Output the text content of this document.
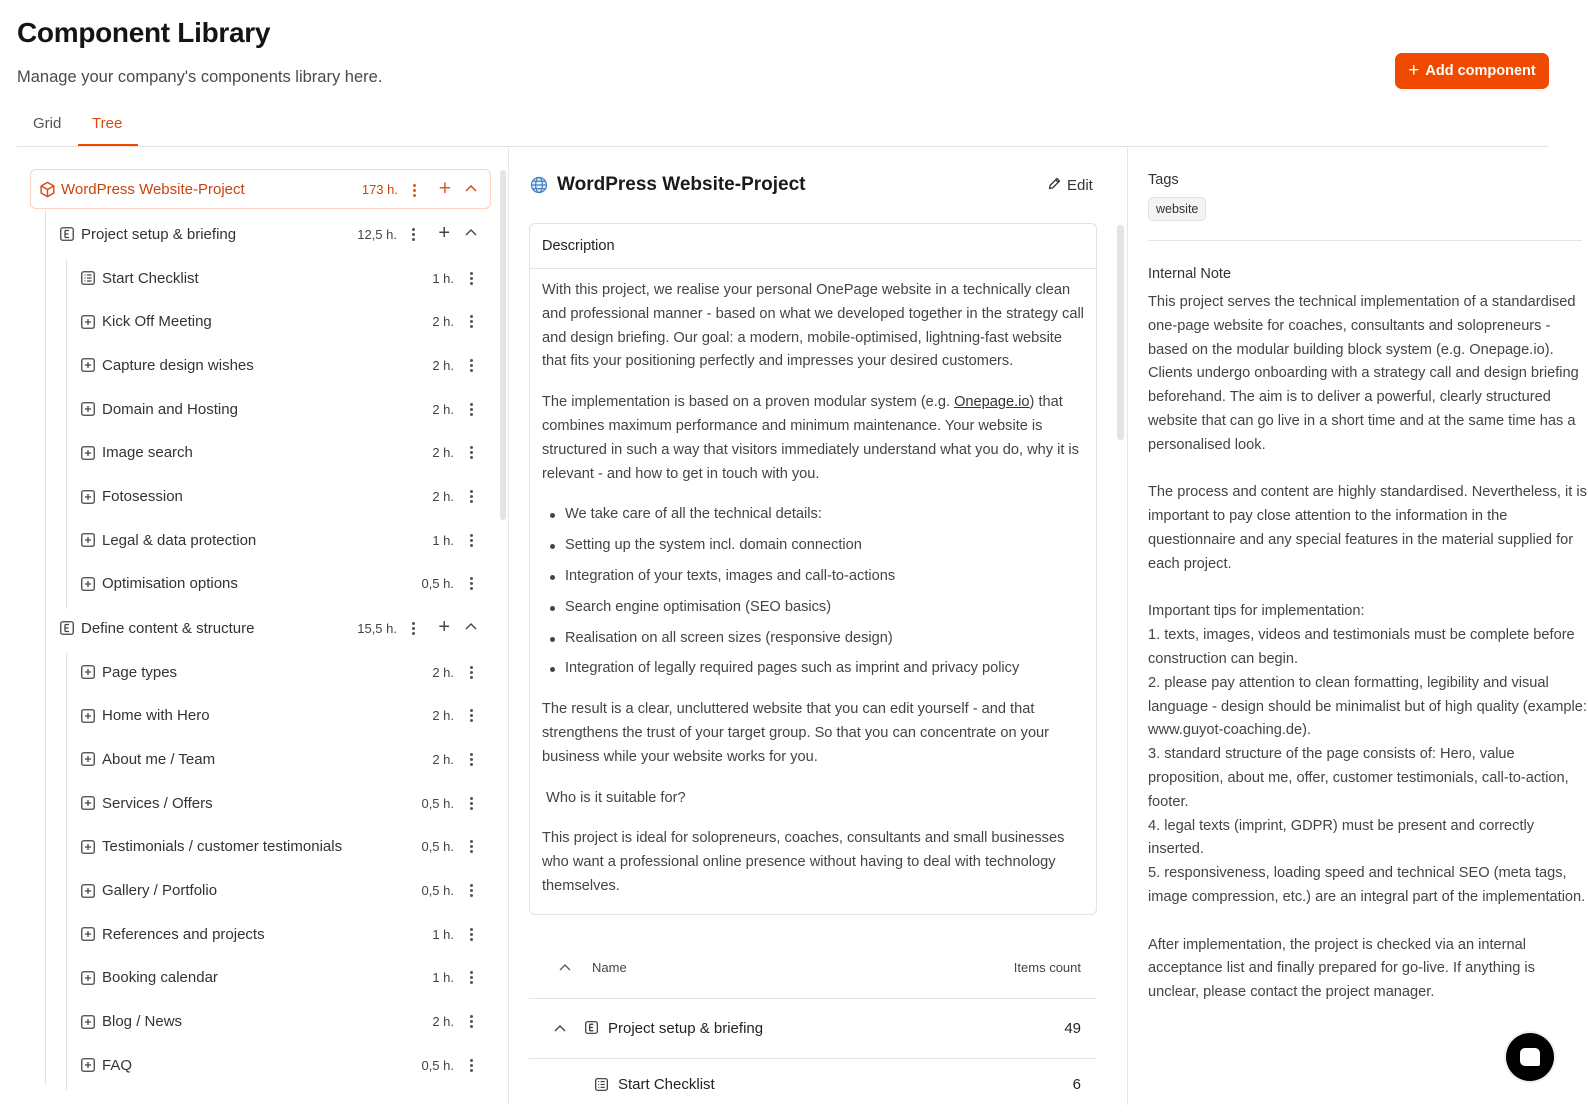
Component Library
Manage your company's components library here.	+ Add component
Grid Tree
WordPress Website-Project	173 h. +
Project setup & briefing	12,5 h. +
Start Checklist	1 h.
Kick Off Meeting	2 h.
Capture design wishes	2 h.
Domain and Hosting	2 h.
Image search	2 h.
Fotosession	2 h.
Legal & data protection	1 h.
Optimisation options	0,5 h.
Define content & structure	15,5 h. +
Page types	2 h.
Home with Hero	2 h.
About me / Team	2 h.
Services / Offers	0,5 h.
Testimonials / customer testimonials	0,5 h.
Gallery / Portfolio	0,5 h.
References and projects	1 h.
Booking calendar	1 h.
Blog / News	2 h.
FAQ	0,5 h.
WordPress Website-Project	Edit
Description

With this project, we realise your personal OnePage website in a technically clean and professional manner - based on what we developed together in the strategy call and design briefing. Our goal: a modern, mobile-optimised, lightning-fast website that fits your positioning perfectly and impresses your desired customers.

The implementation is based on a proven modular system (e.g. Onepage.io) that combines maximum performance and minimum maintenance. Your website is structured in such a way that visitors immediately understand what you do, why it is relevant - and how to get in touch with you.

We take care of all the technical details:
Setting up the system incl. domain connection
Integration of your texts, images and call-to-actions
Search engine optimisation (SEO basics)
Realisation on all screen sizes (responsive design)
Integration of legally required pages such as imprint and privacy policy

The result is a clear, uncluttered website that you can edit yourself - and that strengthens the trust of your target group. So that you can concentrate on your business while your website works for you.

Who is it suitable for?

This project is ideal for solopreneurs, coaches, consultants and small businesses who want a professional online presence without having to deal with technology themselves.

Name	Items count
Project setup & briefing	49
Start Checklist	6
Tags
website
Internal Note
This project serves the technical implementation of a standardised one-page website for coaches, consultants and solopreneurs - based on the modular building block system (e.g. Onepage.io). Clients undergo onboarding with a strategy call and design briefing beforehand. The aim is to deliver a powerful, clearly structured website that can go live in a short time and at the same time has a personalised look.

The process and content are highly standardised. Nevertheless, it is important to pay close attention to the information in the questionnaire and any special features in the material supplied for each project.

Important tips for implementation:
1. texts, images, videos and testimonials must be complete before construction can begin.
2. please pay attention to clean formatting, legibility and visual language - design should be minimalist but of high quality (example: www.guyot-coaching.de).
3. standard structure of the page consists of: Hero, value proposition, about me, offer, customer testimonials, call-to-action, footer.
4. legal texts (imprint, GDPR) must be present and correctly inserted.
5. responsiveness, loading speed and technical SEO (meta tags, image compression, etc.) are an integral part of the implementation.

After implementation, the project is checked via an internal acceptance list and finally prepared for go-live. If anything is unclear, please contact the project manager.
